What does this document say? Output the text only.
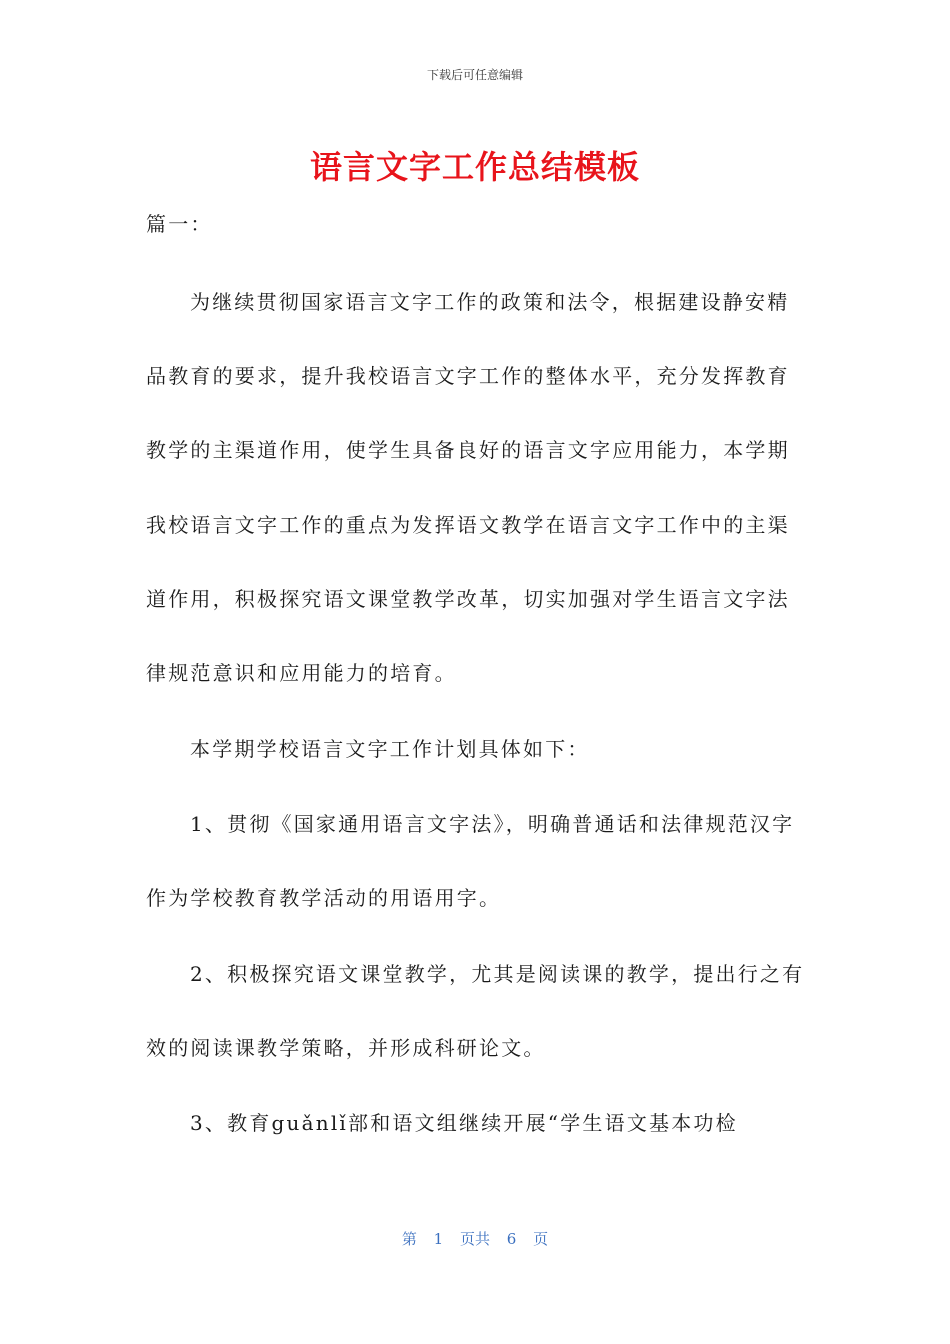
下载后可任意编辑
语言文字工作总结模板
篇一：
为继续贯彻国家语言文字工作的政策和法令，根据建设静安精
品教育的要求，提升我校语言文字工作的整体水平，充分发挥教育
教学的主渠道作用，使学生具备良好的语言文字应用能力，本学期
我校语言文字工作的重点为发挥语文教学在语言文字工作中的主渠
道作用，积极探究语文课堂教学改革，切实加强对学生语言文字法
律规范意识和应用能力的培育。
本学期学校语言文字工作计划具体如下：
1、贯彻《国家通用语言文字法》，明确普通话和法律规范汉字
作为学校教育教学活动的用语用字。
2、积极探究语文课堂教学，尤其是阅读课的教学，提出行之有
效的阅读课教学策略，并形成科研论文。
3、教育guǎnlǐ部和语文组继续开展“学生语文基本功检
第 1 页共 6 页
